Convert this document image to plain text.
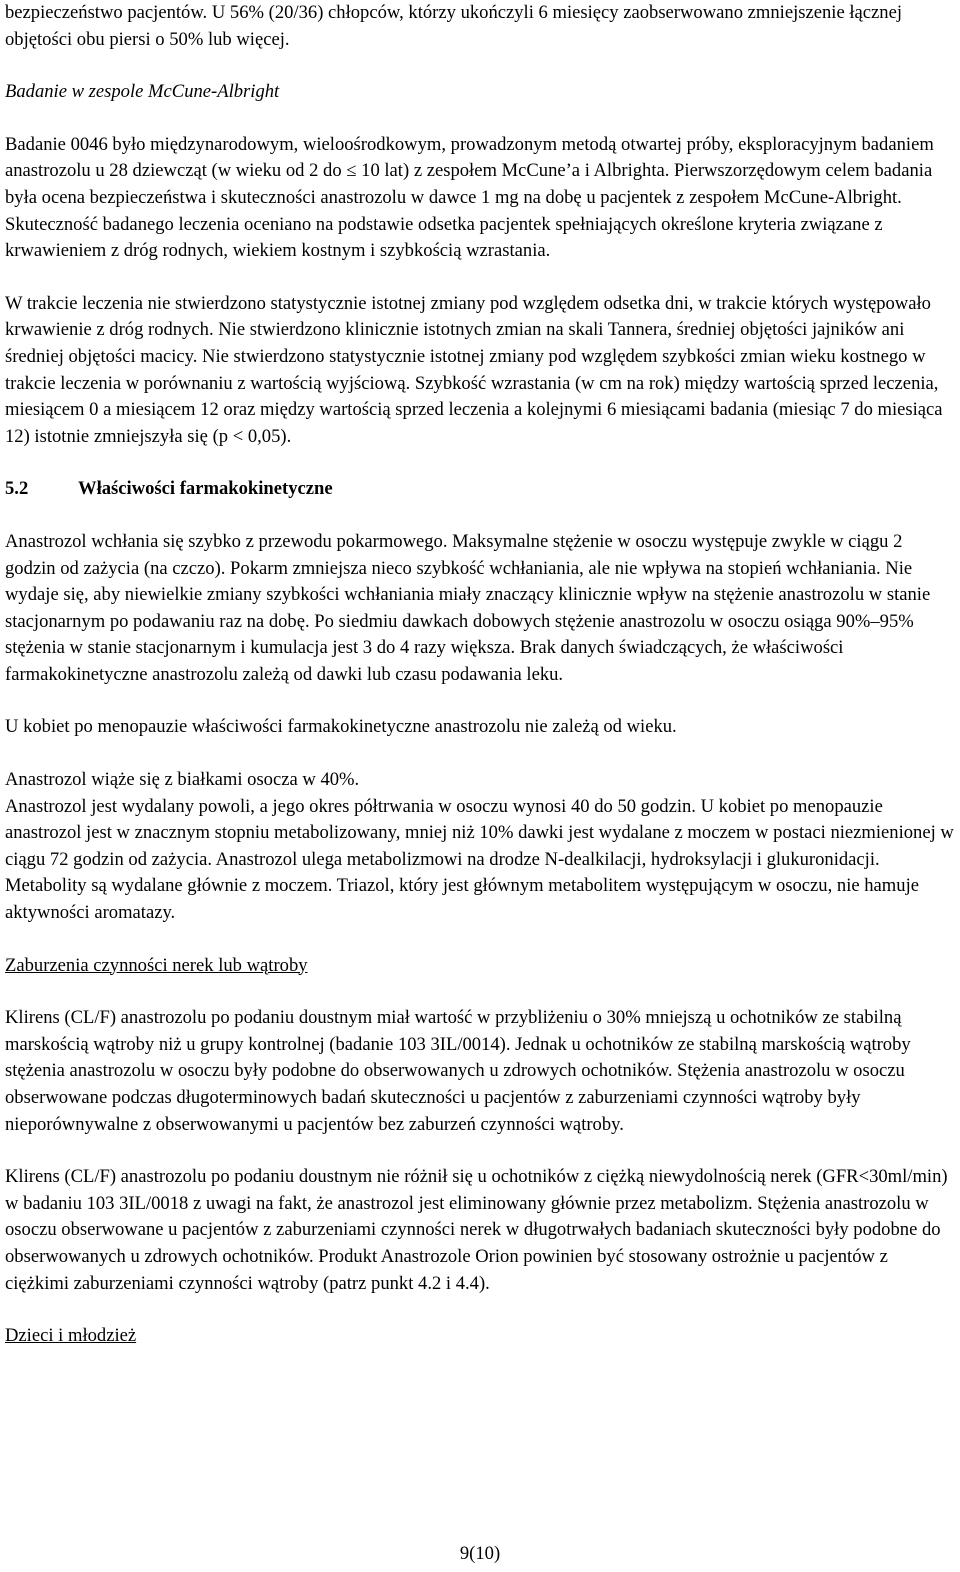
bezpieczeństwo pacjentów. U 56% (20/36) chłopców, którzy ukończyli 6 miesięcy zaobserwowano zmniejszenie łącznej objętości obu piersi o 50% lub więcej.

Badanie w zespole McCune-Albright

Badanie 0046 było międzynarodowym, wieloośrodkowym, prowadzonym metodą otwartej próby, eksploracyjnym badaniem anastrozolu u 28 dziewcząt (w wieku od 2 do ≤ 10 lat) z zespołem McCune’a i Albrighta. Pierwszorzędowym celem badania była ocena bezpieczeństwa i skuteczności anastrozolu w dawce 1 mg na dobę u pacjentek z zespołem McCune-Albright. Skuteczność badanego leczenia oceniano na podstawie odsetka pacjentek spełniających określone kryteria związane z krwawieniem z dróg rodnych, wiekiem kostnym i szybkością wzrastania.

W trakcie leczenia nie stwierdzono statystycznie istotnej zmiany pod względem odsetka dni, w trakcie których występowało krwawienie z dróg rodnych. Nie stwierdzono klinicznie istotnych zmian na skali Tannera, średniej objętości jajników ani średniej objętości macicy. Nie stwierdzono statystycznie istotnej zmiany pod względem szybkości zmian wieku kostnego w trakcie leczenia w porównaniu z wartością wyjściową. Szybkość wzrastania (w cm na rok) między wartością sprzed leczenia, miesiącem 0 a miesiącem 12 oraz między wartością sprzed leczenia a kolejnymi 6 miesiącami badania (miesiąc 7 do miesiąca 12) istotnie zmniejszyła się (p < 0,05).

5.2	Właściwości farmakokinetyczne

Anastrozol wchłania się szybko z przewodu pokarmowego. Maksymalne stężenie w osoczu występuje zwykle w ciągu 2 godzin od zażycia (na czczo). Pokarm zmniejsza nieco szybkość wchłaniania, ale nie wpływa na stopień wchłaniania. Nie wydaje się, aby niewielkie zmiany szybkości wchłaniania miały znaczący klinicznie wpływ na stężenie anastrozolu w stanie stacjonarnym po podawaniu raz na dobę. Po siedmiu dawkach dobowych stężenie anastrozolu w osoczu osiąga 90%–95% stężenia w stanie stacjonarnym i kumulacja jest 3 do 4 razy większa. Brak danych świadczących, że właściwości farmakokinetyczne anastrozolu zależą od dawki lub czasu podawania leku.

U kobiet po menopauzie właściwości farmakokinetyczne anastrozolu nie zależą od wieku.

Anastrozol wiąże się z białkami osocza w 40%.

Anastrozol jest wydalany powoli, a jego okres półtrwania w osoczu wynosi 40 do 50 godzin. U kobiet po menopauzie anastrozol jest w znacznym stopniu metabolizowany, mniej niż 10% dawki jest wydalane z moczem w postaci niezmienionej w ciągu 72 godzin od zażycia. Anastrozol ulega metabolizmowi na drodze N-dealkilacji, hydroksylacji i glukuronidacji. Metabolity są wydalane głównie z moczem. Triazol, który jest głównym metabolitem występującym w osoczu, nie hamuje aktywności aromatazy.

Zaburzenia czynności nerek lub wątroby

Klirens (CL/F) anastrozolu po podaniu doustnym miał wartość w przybliżeniu o 30% mniejszą u ochotników ze stabilną marskością wątroby niż u grupy kontrolnej (badanie 103 3IL/0014). Jednak u ochotników ze stabilną marskością wątroby stężenia anastrozolu w osoczu były podobne do obserwowanych u zdrowych ochotników. Stężenia anastrozolu w osoczu obserwowane podczas długoterminowych badań skuteczności u pacjentów z zaburzeniami czynności wątroby były nieporównywalne z obserwowanymi u pacjentów bez zaburzeń czynności wątroby.

Klirens (CL/F) anastrozolu po podaniu doustnym nie różnił się u ochotników z ciężką niewydolnością nerek (GFR<30ml/min) w badaniu 103 3IL/0018 z uwagi na fakt, że anastrozol jest eliminowany głównie przez metabolizm. Stężenia anastrozolu w osoczu obserwowane u pacjentów z zaburzeniami czynności nerek w długotrwałych badaniach skuteczności były podobne do obserwowanych u zdrowych ochotników. Produkt Anastrozole Orion powinien być stosowany ostrożnie u pacjentów z ciężkimi zaburzeniami czynności wątroby (patrz punkt 4.2 i 4.4).

Dzieci i młodzież

9(10)
